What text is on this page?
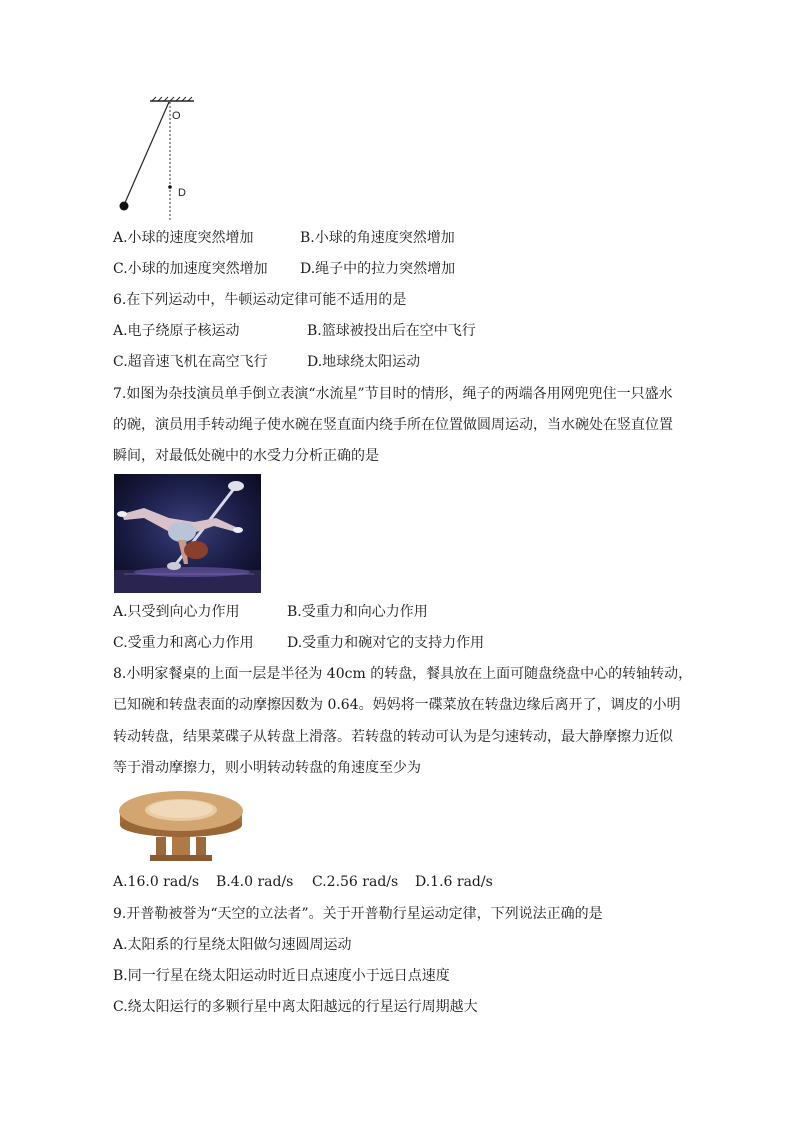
O
D
A.小球的速度突然增加	B.小球的角速度突然增加
C.小球的加速度突然增加 D.绳子中的拉力突然增加
6.在下列运动中，牛顿运动定律可能不适用的是
A.电子绕原子核运动	B.篮球被投出后在空中飞行
C.超音速飞机在高空飞行	D.地球绕太阳运动
7.如图为杂技演员单手倒立表演“水流星”节目时的情形，绳子的两端各用网兜兜住一只盛水
的碗，演员用手转动绳子使水碗在竖直面内绕手所在位置做圆周运动，当水碗处在竖直位置
瞬间，对最低处碗中的水受力分析正确的是
A.只受到向心力作用	B.受重力和向心力作用
C.受重力和离心力作用 D.受重力和碗对它的支持力作用
8.小明家餐桌的上面一层是半径为 40cm 的转盘，餐具放在上面可随盘绕盘中心的转轴转动，
已知碗和转盘表面的动摩擦因数为 0.64。妈妈将一碟菜放在转盘边缘后离开了，调皮的小明
转动转盘，结果菜碟子从转盘上滑落。若转盘的转动可认为是匀速转动，最大静摩擦力近似
等于滑动摩擦力，则小明转动转盘的角速度至少为
A.16.0 rad/s B.4.0 rad/s C.2.56 rad/s D.1.6 rad/s
9.开普勒被誉为“天空的立法者”。关于开普勒行星运动定律，下列说法正确的是
A.太阳系的行星绕太阳做匀速圆周运动
B.同一行星在绕太阳运动时近日点速度小于远日点速度
C.绕太阳运行的多颗行星中离太阳越远的行星运行周期越大
